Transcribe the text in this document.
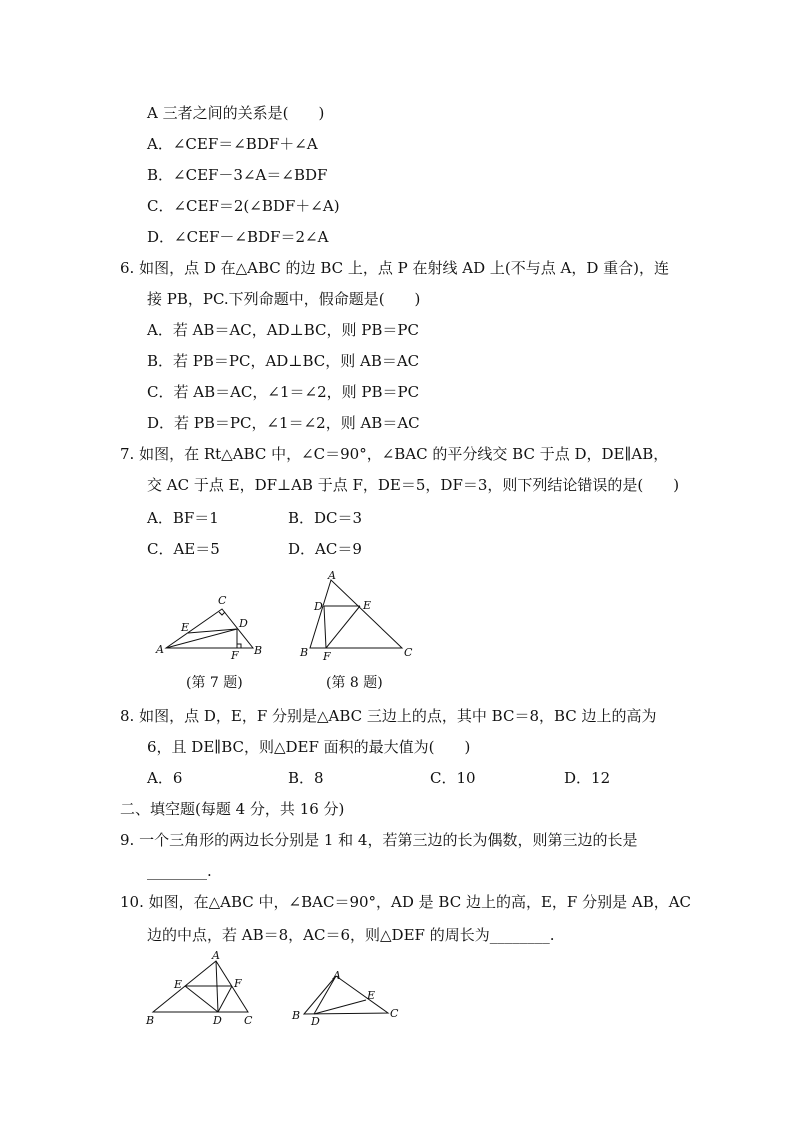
A 三者之间的关系是(　　)
A．∠CEF＝∠BDF＋∠A
B．∠CEF－3∠A＝∠BDF
C．∠CEF＝2(∠BDF＋∠A)
D．∠CEF－∠BDF＝2∠A
6. 如图，点 D 在△ABC 的边 BC 上，点 P 在射线 AD 上(不与点 A，D 重合)，连
接 PB，PC.下列命题中，假命题是(　　)
A．若 AB＝AC，AD⊥BC，则 PB＝PC
B．若 PB＝PC，AD⊥BC，则 AB＝AC
C．若 AB＝AC，∠1＝∠2，则 PB＝PC
D．若 PB＝PC，∠1＝∠2，则 AB＝AC
7. 如图，在 Rt△ABC 中，∠C＝90°，∠BAC 的平分线交 BC 于点 D，DE∥AB，
交 AC 于点 E，DF⊥AB 于点 F，DE＝5，DF＝3，则下列结论错误的是(　　)
A．BF＝1	B．DC＝3
C．AE＝5	D．AC＝9
C
E	D
A	F B
(第 7 题)
A
D	E
B F	C
(第 8 题)
8. 如图，点 D，E，F 分别是△ABC 三边上的点，其中 BC＝8，BC 边上的高为
6，且 DE∥BC，则△DEF 面积的最大值为(　　)
A．6	B．8	C．10	D．12
二、填空题(每题 4 分，共 16 分)
9. 一个三角形的两边长分别是 1 和 4，若第三边的长为偶数，则第三边的长是
________.
10. 如图，在△ABC 中，∠BAC＝90°，AD 是 BC 边上的高，E，F 分别是 AB，AC
边的中点，若 AB＝8，AC＝6，则△DEF 的周长为________.
A
E	F
B	D C
A
E
B D
C
